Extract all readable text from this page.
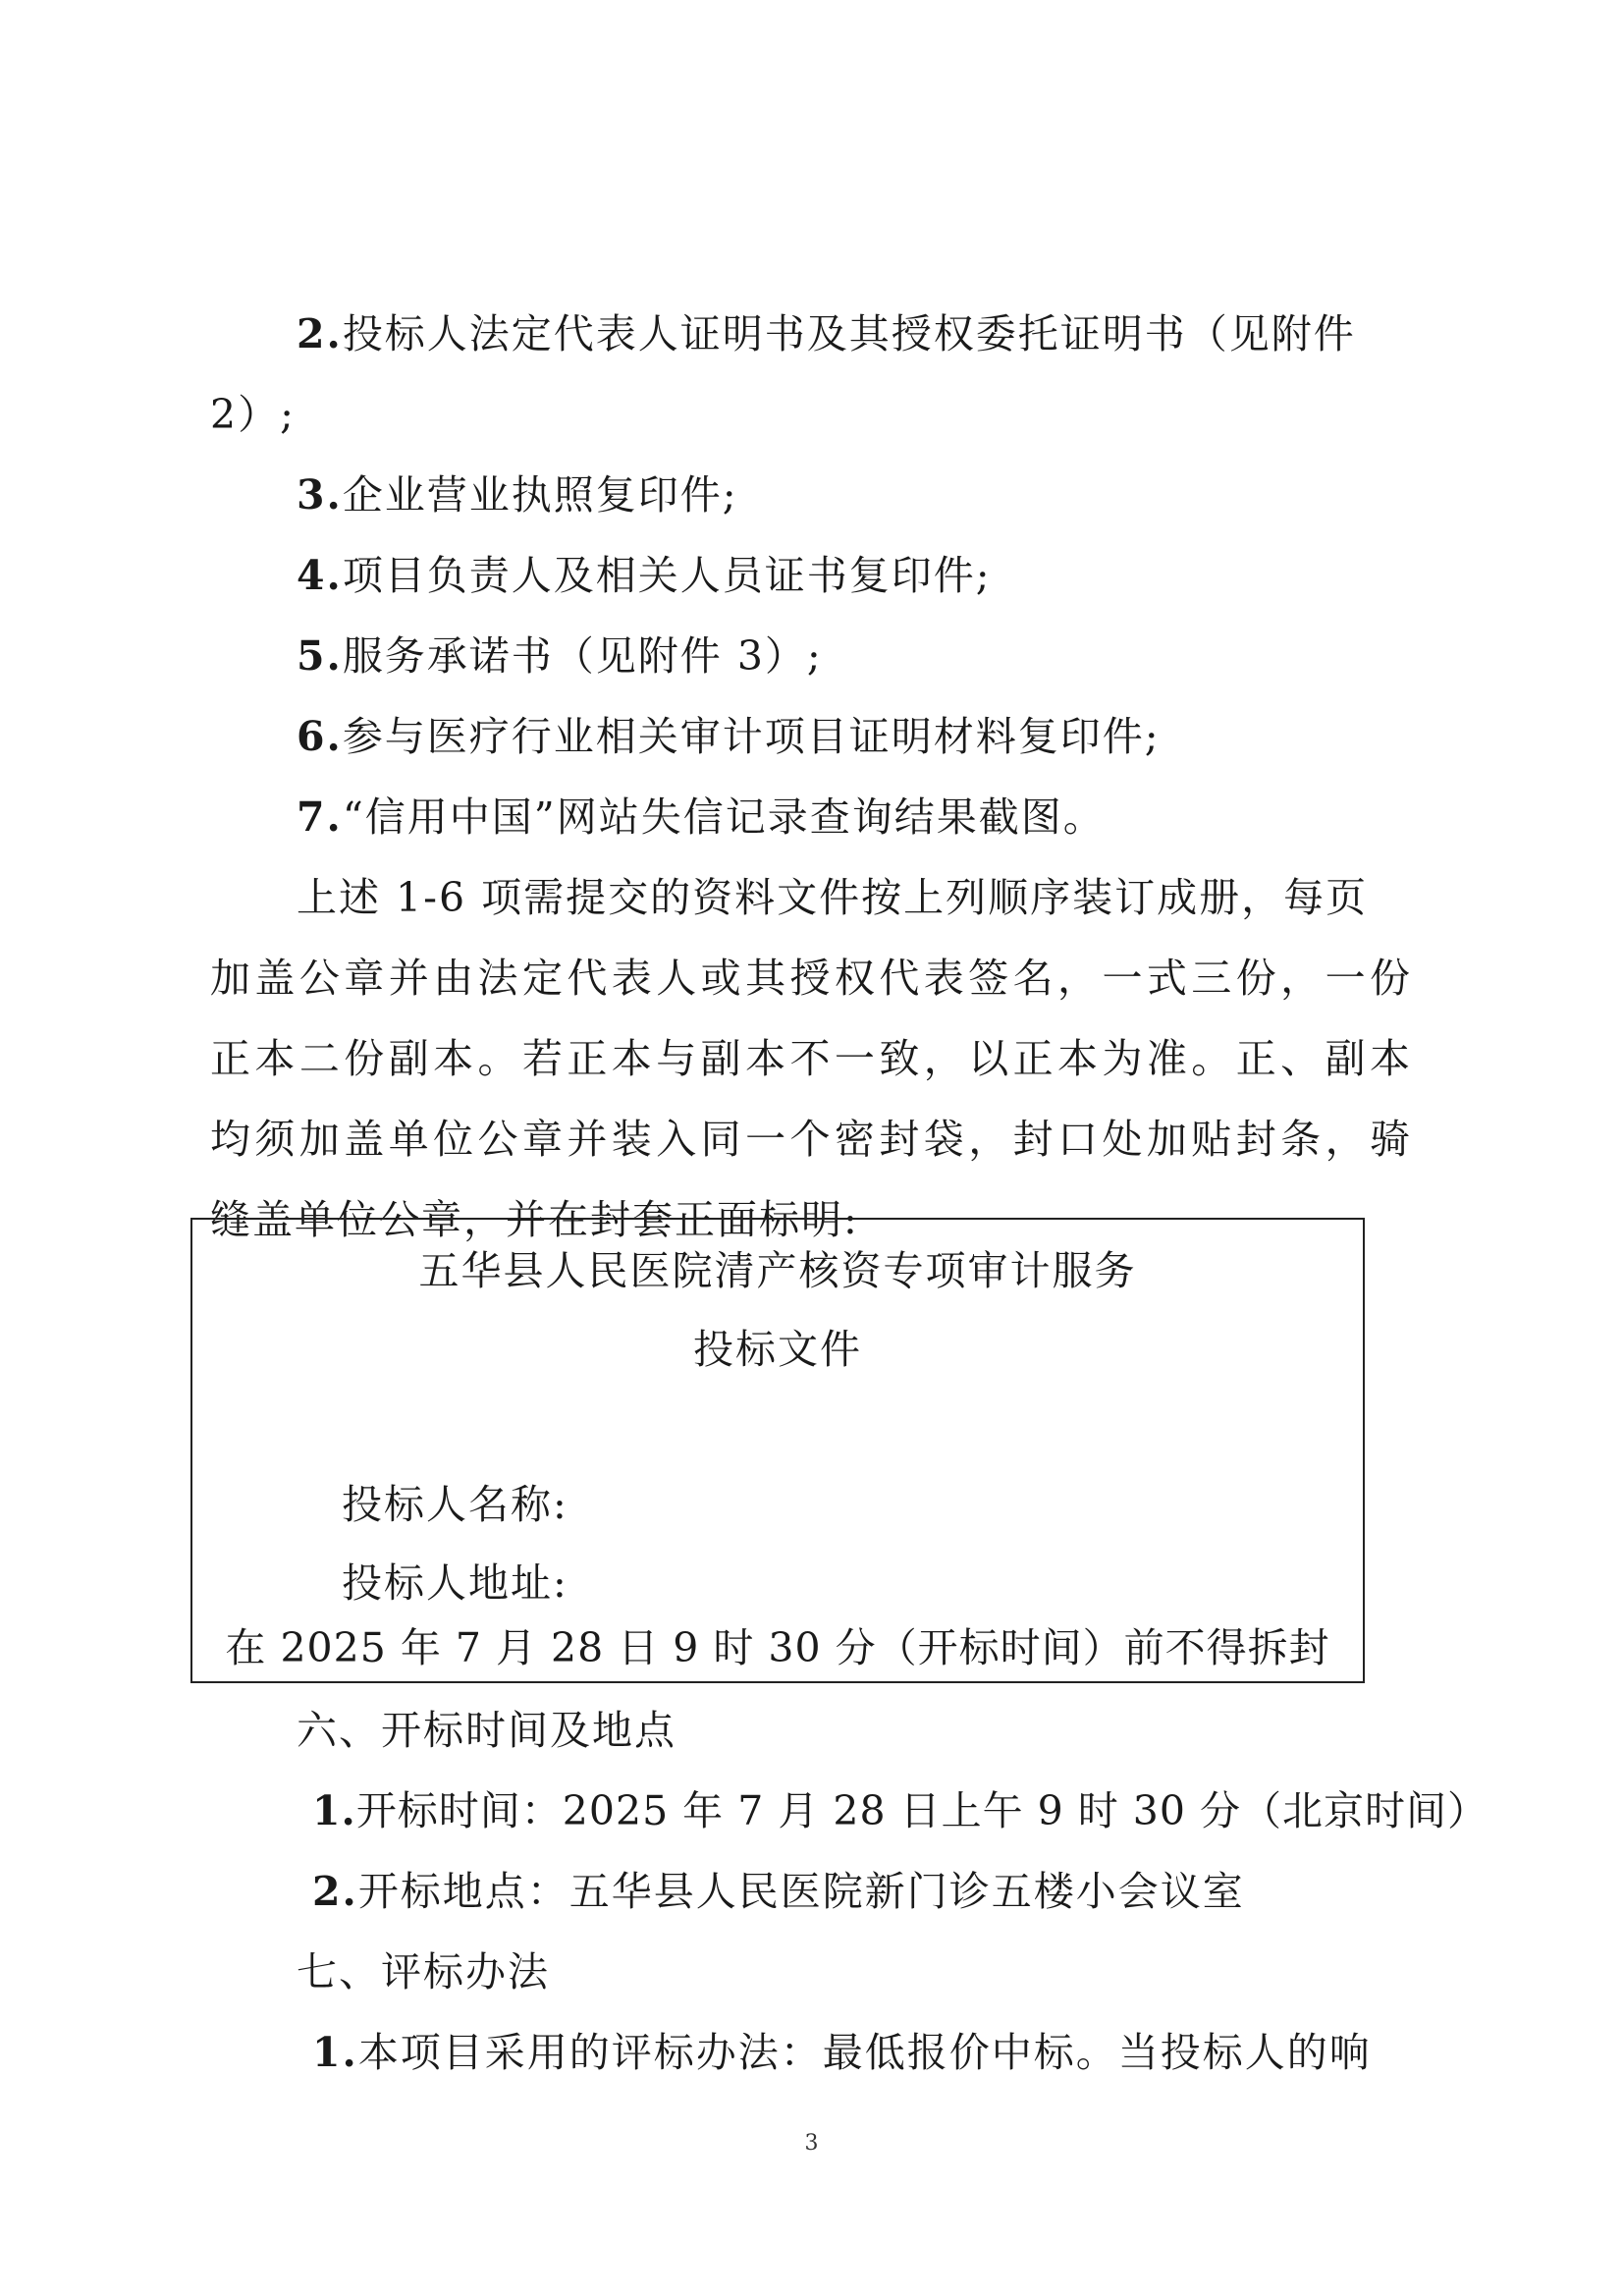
2.投标人法定代表人证明书及其授权委托证明书（见附件
2）;
3.企业营业执照复印件;
4.项目负责人及相关人员证书复印件;
5.服务承诺书（见附件 3）;
6.参与医疗行业相关审计项目证明材料复印件;
7.“信用中国”网站失信记录查询结果截图。
上述 1-6 项需提交的资料文件按上列顺序装订成册，每页
加盖公章并由法定代表人或其授权代表签名，一式三份，一份
正本二份副本。若正本与副本不一致，以正本为准。正、副本
均须加盖单位公章并装入同一个密封袋，封口处加贴封条，骑
缝盖单位公章，并在封套正面标明:
五华县人民医院清产核资专项审计服务
投标文件
投标人名称:
投标人地址:
在 2025 年 7 月 28 日 9 时 30 分（开标时间）前不得拆封
六、开标时间及地点
1.开标时间：2025 年 7 月 28 日上午 9 时 30 分（北京时间）
2.开标地点：五华县人民医院新门诊五楼小会议室
七、评标办法
1.本项目采用的评标办法：最低报价中标。当投标人的响
3
